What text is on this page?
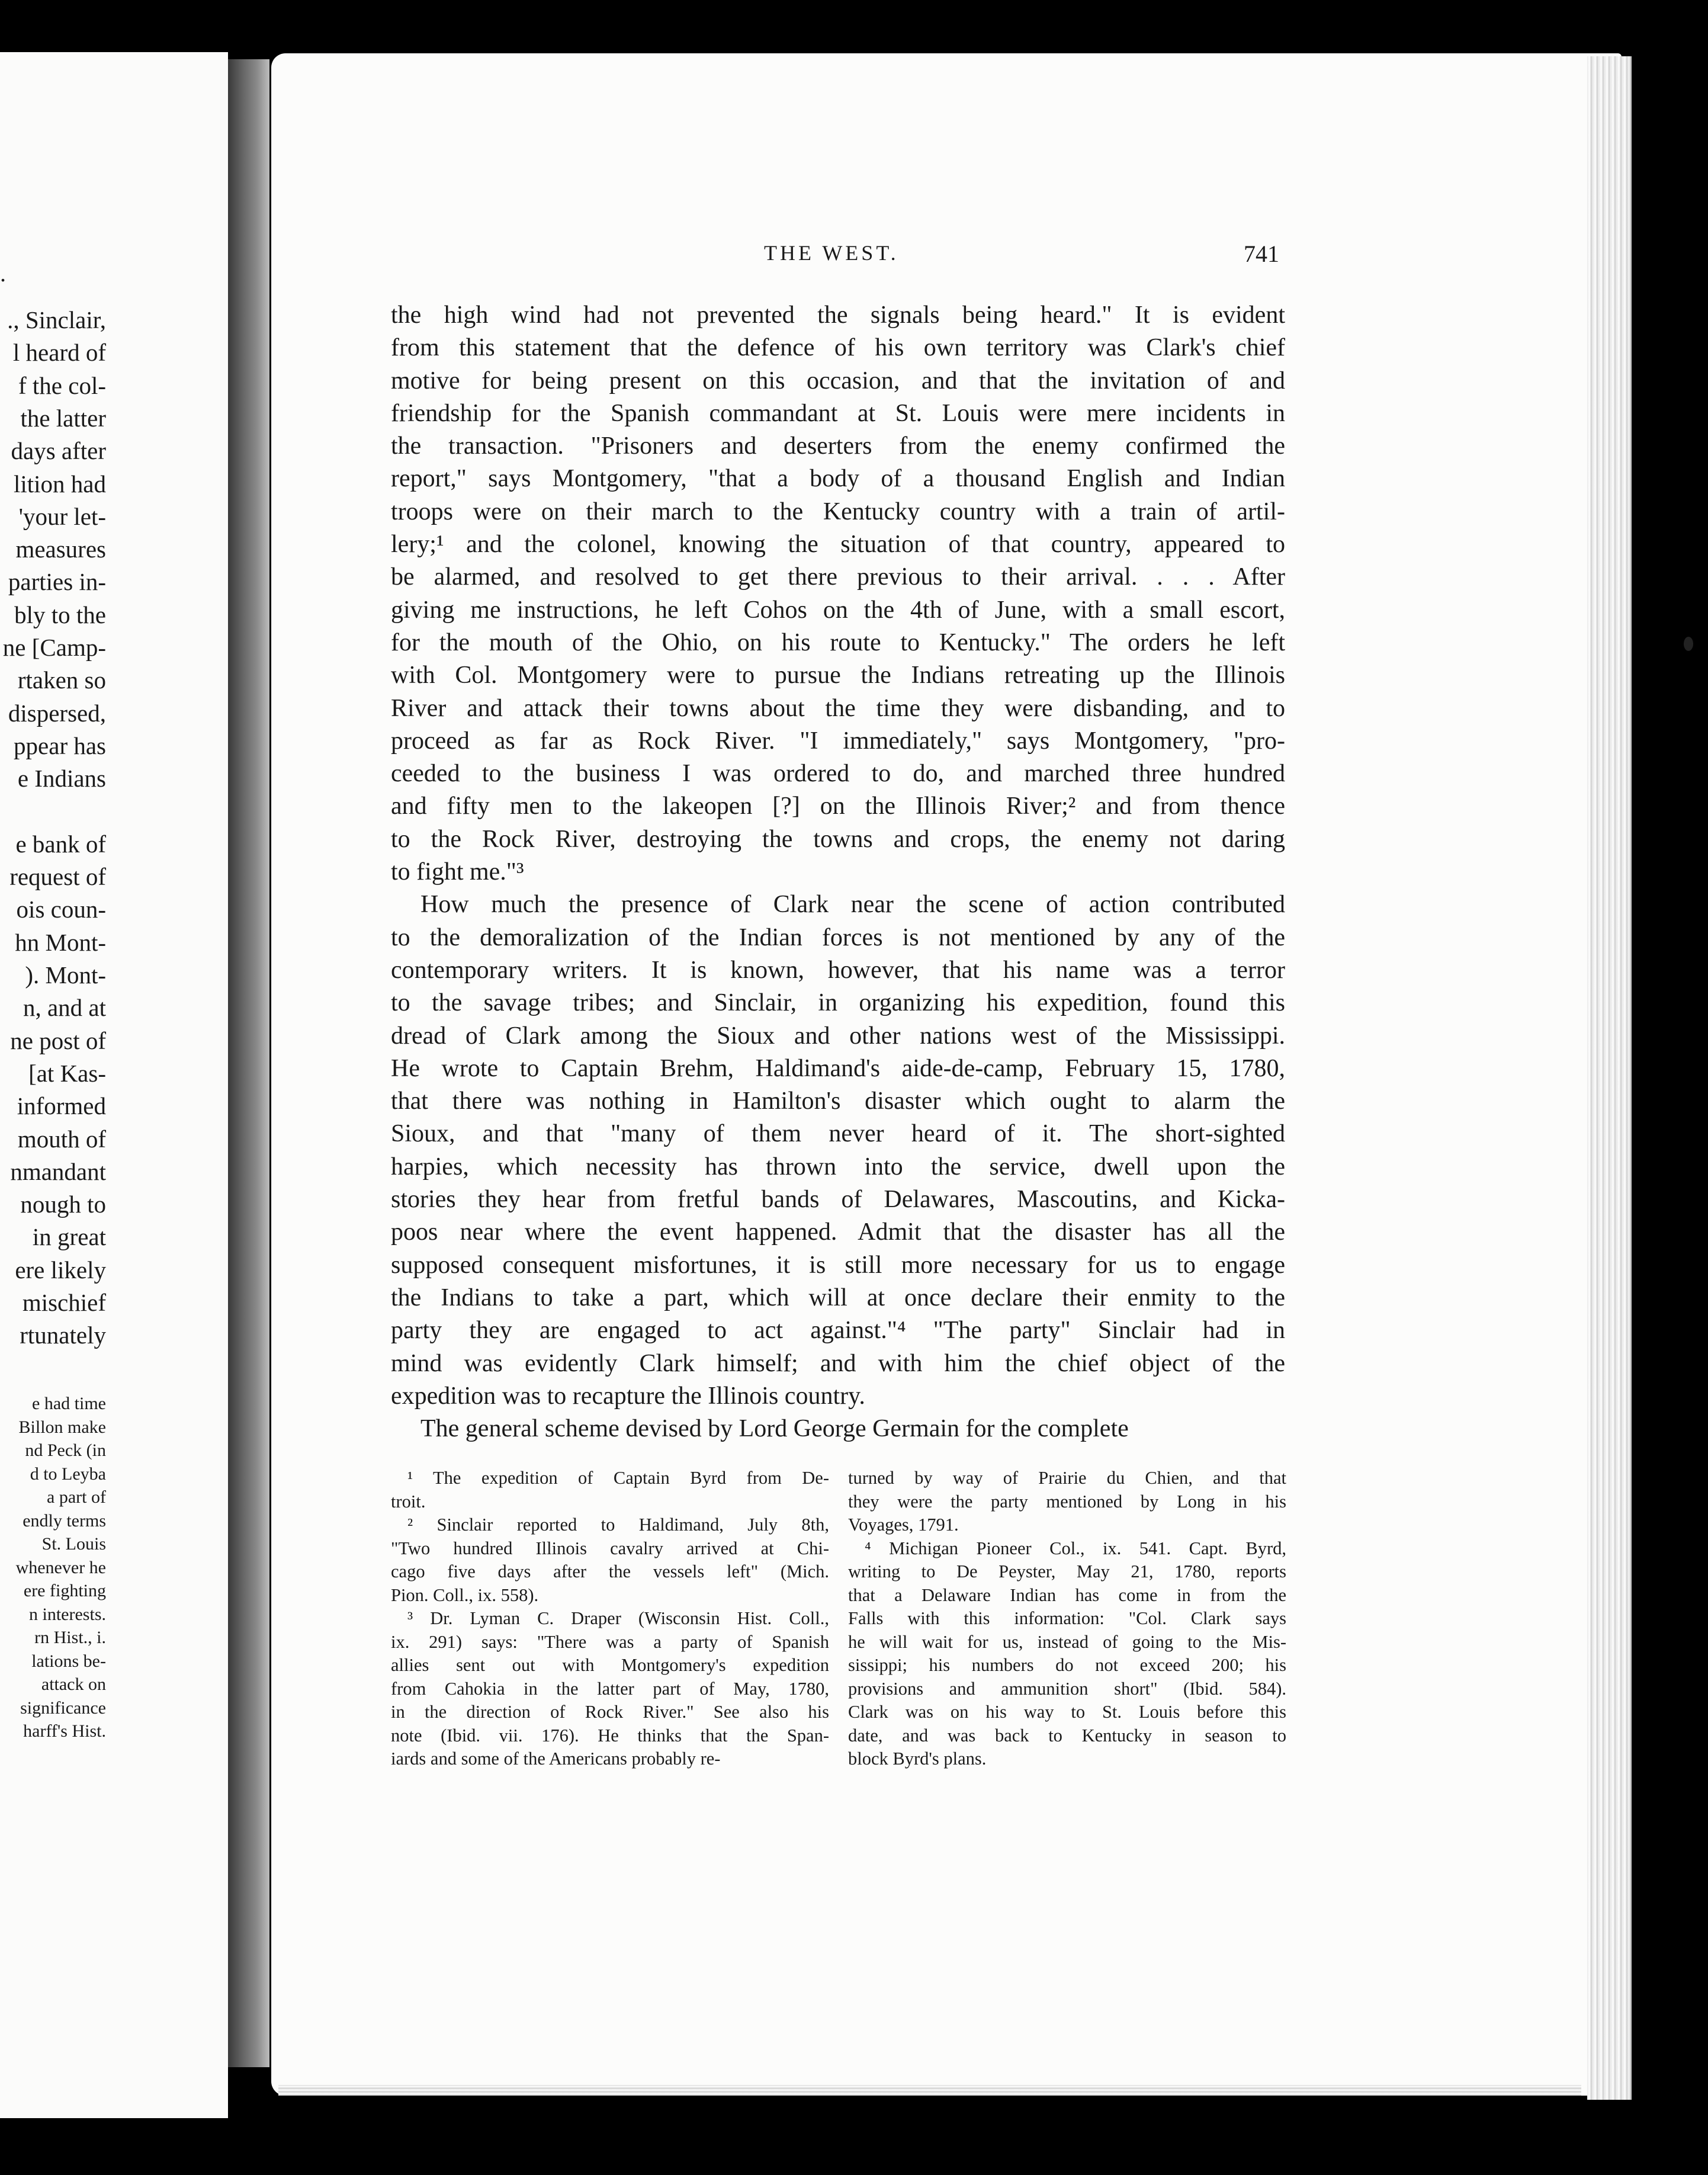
.
., Sinclair,
l heard of
f the col-
the latter
days after
lition had
'your let-
measures
parties in-
bly to the
ne [Camp-
rtaken so
dispersed,
ppear has
e Indians
e bank of
request of
ois coun-
hn Mont-
). Mont-
n, and at
ne post of
[at Kas-
informed
mouth of
nmandant
nough to
in great
ere likely
mischief
rtunately
e had time
Billon make
nd Peck (in
d to Leyba
a part of
endly terms
St. Louis
whenever he
ere fighting
n interests.
rn Hist., i.
lations be-
attack on
significance
harff's Hist.
THE WEST.	741
the high wind had not prevented the signals being heard." It is evident
from this statement that the defence of his own territory was Clark's chief
motive for being present on this occasion, and that the invitation of and
friendship for the Spanish commandant at St. Louis were mere incidents in
the transaction. "Prisoners and deserters from the enemy confirmed the
report," says Montgomery, "that a body of a thousand English and Indian
troops were on their march to the Kentucky country with a train of artil-
lery;¹ and the colonel, knowing the situation of that country, appeared to
be alarmed, and resolved to get there previous to their arrival. . . . After
giving me instructions, he left Cohos on the 4th of June, with a small escort,
for the mouth of the Ohio, on his route to Kentucky." The orders he left
with Col. Montgomery were to pursue the Indians retreating up the Illinois
River and attack their towns about the time they were disbanding, and to
proceed as far as Rock River. "I immediately," says Montgomery, "pro-
ceeded to the business I was ordered to do, and marched three hundred
and fifty men to the lakeopen [?] on the Illinois River;² and from thence
to the Rock River, destroying the towns and crops, the enemy not daring
to fight me."³
How much the presence of Clark near the scene of action contributed
to the demoralization of the Indian forces is not mentioned by any of the
contemporary writers. It is known, however, that his name was a terror
to the savage tribes; and Sinclair, in organizing his expedition, found this
dread of Clark among the Sioux and other nations west of the Mississippi.
He wrote to Captain Brehm, Haldimand's aide-de-camp, February 15, 1780,
that there was nothing in Hamilton's disaster which ought to alarm the
Sioux, and that "many of them never heard of it. The short-sighted
harpies, which necessity has thrown into the service, dwell upon the
stories they hear from fretful bands of Delawares, Mascoutins, and Kicka-
poos near where the event happened. Admit that the disaster has all the
supposed consequent misfortunes, it is still more necessary for us to engage
the Indians to take a part, which will at once declare their enmity to the
party they are engaged to act against."⁴ "The party" Sinclair had in
mind was evidently Clark himself; and with him the chief object of the
expedition was to recapture the Illinois country.
The general scheme devised by Lord George Germain for the complete
¹ The expedition of Captain Byrd from De-
troit.
² Sinclair reported to Haldimand, July 8th,
"Two hundred Illinois cavalry arrived at Chi-
cago five days after the vessels left" (Mich.
Pion. Coll., ix. 558).
³ Dr. Lyman C. Draper (Wisconsin Hist. Coll.,
ix. 291) says: "There was a party of Spanish
allies sent out with Montgomery's expedition
from Cahokia in the latter part of May, 1780,
in the direction of Rock River." See also his
note (Ibid. vii. 176). He thinks that the Span-
iards and some of the Americans probably re-
turned by way of Prairie du Chien, and that
they were the party mentioned by Long in his
Voyages, 1791.
⁴ Michigan Pioneer Col., ix. 541. Capt. Byrd,
writing to De Peyster, May 21, 1780, reports
that a Delaware Indian has come in from the
Falls with this information: "Col. Clark says
he will wait for us, instead of going to the Mis-
sissippi; his numbers do not exceed 200; his
provisions and ammunition short" (Ibid. 584).
Clark was on his way to St. Louis before this
date, and was back to Kentucky in season to
block Byrd's plans.
